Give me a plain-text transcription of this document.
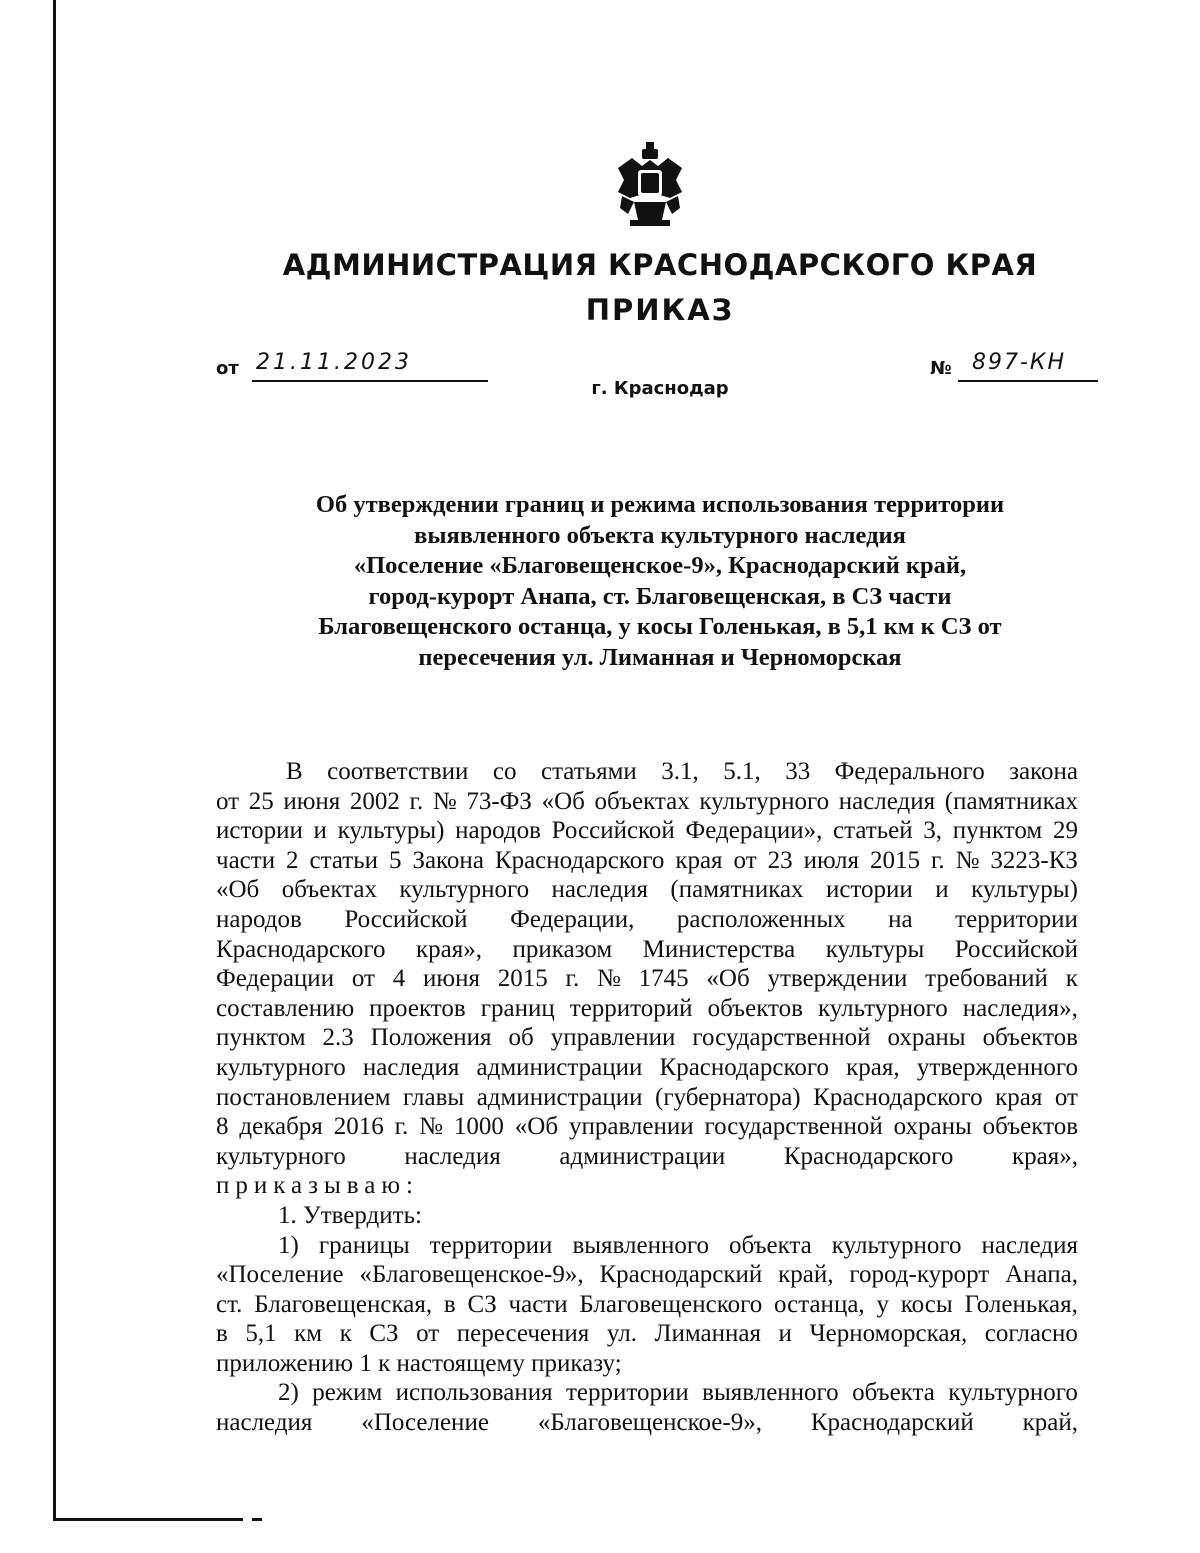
АДМИНИСТРАЦИЯ КРАСНОДАРСКОГО КРАЯ
ПРИКАЗ
от 21.11.2023	№ 897-КН
г. Краснодар
Об утверждении границ и режима использования территории
выявленного объекта культурного наследия
«Поселение «Благовещенское-9», Краснодарский край,
город-курорт Анапа, ст. Благовещенская, в СЗ части
Благовещенского останца, у косы Голенькая, в 5,1 км к СЗ от
пересечения ул. Лиманная и Черноморская
В соответствии со статьями 3.1, 5.1, 33 Федерального закона
от 25 июня 2002 г. № 73-ФЗ «Об объектах культурного наследия (памятниках
истории и культуры) народов Российской Федерации», статьей 3, пунктом 29
части 2 статьи 5 Закона Краснодарского края от 23 июля 2015 г. № 3223-КЗ
«Об объектах культурного наследия (памятниках истории и культуры)
народов Российской Федерации, расположенных на территории
Краснодарского края», приказом Министерства культуры Российской
Федерации от 4 июня 2015 г. № 1745 «Об утверждении требований к
составлению проектов границ территорий объектов культурного наследия»,
пунктом 2.3 Положения об управлении государственной охраны объектов
культурного наследия администрации Краснодарского края, утвержденного
постановлением главы администрации (губернатора) Краснодарского края от
8 декабря 2016 г. № 1000 «Об управлении государственной охраны объектов
культурного наследия администрации Краснодарского края»,
приказываю:
1. Утвердить:
1) границы территории выявленного объекта культурного наследия
«Поселение «Благовещенское-9», Краснодарский край, город-курорт Анапа,
ст. Благовещенская, в СЗ части Благовещенского останца, у косы Голенькая,
в 5,1 км к СЗ от пересечения ул. Лиманная и Черноморская, согласно
приложению 1 к настоящему приказу;
2) режим использования территории выявленного объекта культурного
наследия «Поселение «Благовещенское-9», Краснодарский край,
